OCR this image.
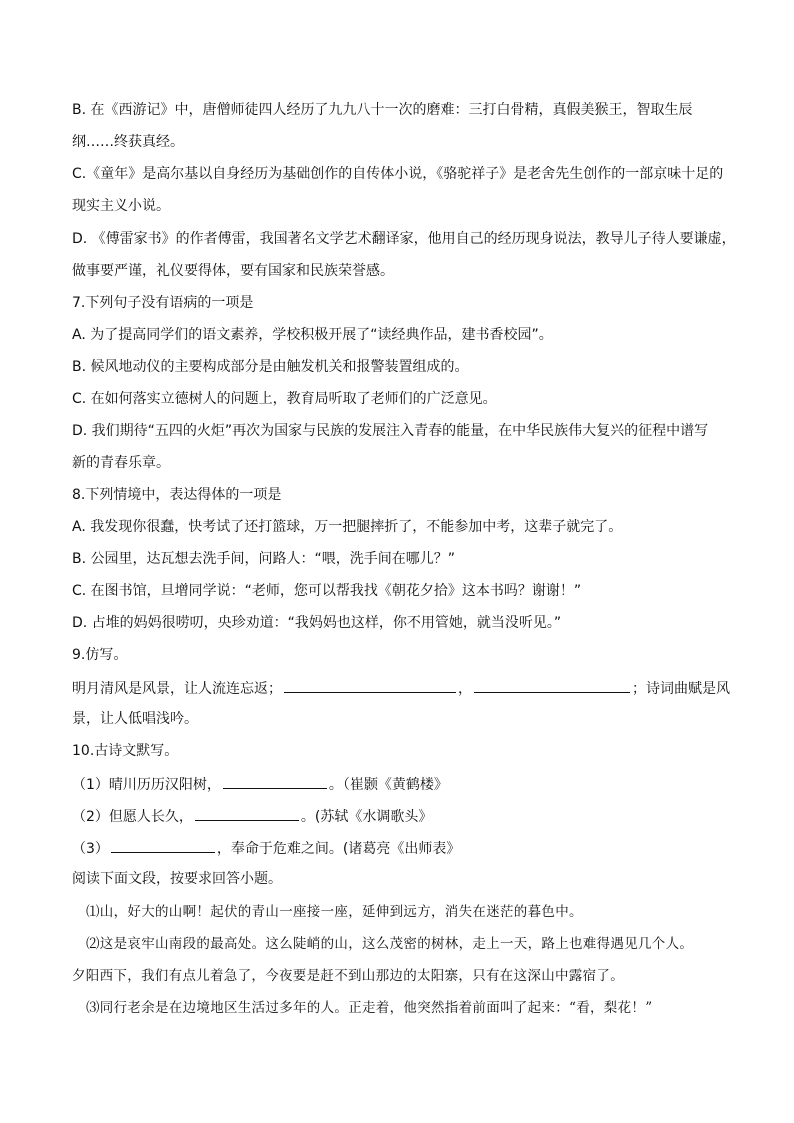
B. 在《西游记》中，唐僧师徒四人经历了九九八十一次的磨难：三打白骨精，真假美猴王，智取生辰
纲……终获真经。
C.《童年》是高尔基以自身经历为基础创作的自传体小说，《骆驼祥子》是老舍先生创作的一部京味十足的
现实主义小说。
D. 《傅雷家书》的作者傅雷，我国著名文学艺术翻译家，他用自己的经历现身说法，教导儿子待人要谦虚，
做事要严谨，礼仪要得体，要有国家和民族荣誉感。
7.下列句子没有语病的一项是
A. 为了提高同学们的语文素养，学校积极开展了“读经典作品，建书香校园”。
B. 候风地动仪的主要构成部分是由触发机关和报警装置组成的。
C. 在如何落实立德树人的问题上，教育局听取了老师们的广泛意见。
D. 我们期待“五四的火炬”再次为国家与民族的发展注入青春的能量，在中华民族伟大复兴的征程中谱写
新的青春乐章。
8.下列情境中，表达得体的一项是
A. 我发现你很蠢，快考试了还打篮球，万一把腿摔折了，不能参加中考，这辈子就完了。
B. 公园里，达瓦想去洗手间，问路人：“喂，洗手间在哪儿？”
C. 在图书馆，旦增同学说：“老师，您可以帮我找《朝花夕拾》这本书吗？谢谢！”
D. 占堆的妈妈很唠叨，央珍劝道：“我妈妈也这样，你不用管她，就当没听见。”
9.仿写。
明月清风是风景，让人流连忘返；	，	；诗词曲赋是风
景，让人低唱浅吟。
10.古诗文默写。
（1）晴川历历汉阳树，	。（崔颢《黄鹤楼》
（2）但愿人长久，	。(苏轼《水调歌头》
（3）	，奉命于危难之间。(诸葛亮《出师表》
阅读下面文段，按要求回答小题。
⑴山，好大的山啊！起伏的青山一座接一座，延伸到远方，消失在迷茫的暮色中。
⑵这是哀牢山南段的最高处。这么陡峭的山，这么茂密的树林，走上一天，路上也难得遇见几个人。
夕阳西下，我们有点儿着急了，今夜要是赶不到山那边的太阳寨，只有在这深山中露宿了。
⑶同行老余是在边境地区生活过多年的人。正走着，他突然指着前面叫了起来：“看，梨花！”
